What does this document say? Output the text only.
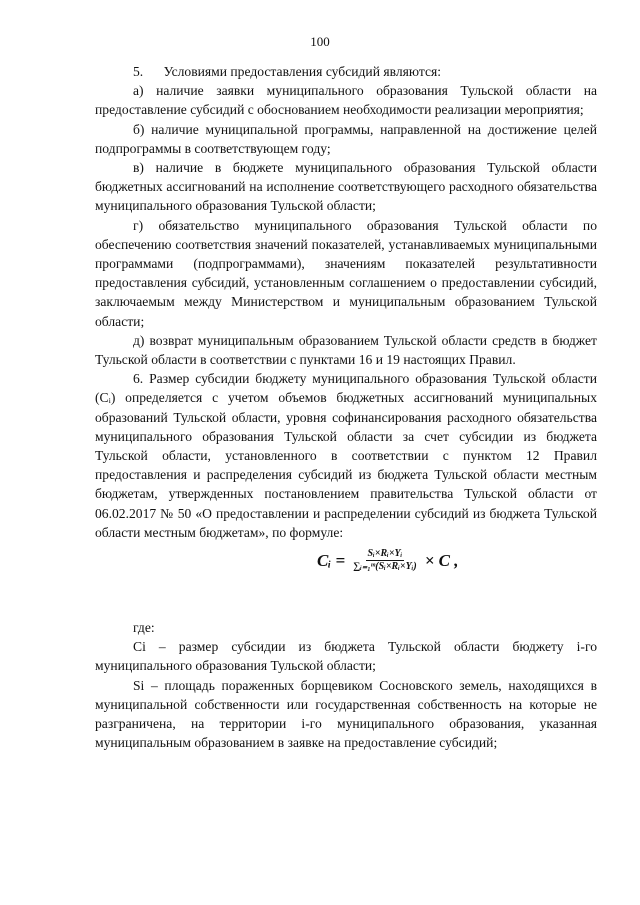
100

5.      Условиями предоставления субсидий являются:

а) наличие заявки муниципального образования Тульской области на предоставление субсидий с обоснованием необходимости реализации мероприятия;

б) наличие муниципальной программы, направленной на достижение целей подпрограммы в соответствующем году;

в) наличие в бюджете муниципального образования Тульской области бюджетных ассигнований на исполнение соответствующего расходного обязательства муниципального образования Тульской области;

г) обязательство муниципального образования Тульской области по обеспечению соответствия значений показателей, устанавливаемых муниципальными программами (подпрограммами), значениям показателей результативности предоставления субсидий, установленным соглашением о предоставлении субсидий, заключаемым между Министерством и муниципальным образованием Тульской области;

д) возврат муниципальным образованием Тульской области средств в бюджет Тульской области в соответствии с пунктами 16 и 19 настоящих Правил.

6. Размер субсидии бюджету муниципального образования Тульской области (Cᵢ) определяется с учетом объемов бюджетных ассигнований муниципальных образований Тульской области, уровня софинансирования расходного обязательства муниципального образования Тульской области за счет субсидии из бюджета Тульской области, установленного в соответствии с пунктом 12 Правил предоставления и распределения субсидий из бюджета Тульской области местным бюджетам, утвержденных постановлением правительства Тульской области от 06.02.2017 № 50 «О предоставлении и распределении субсидий из бюджета Тульской области местным бюджетам», по формуле:

Cᵢ = $\frac{\text{Sᵢ×Rᵢ×Yᵢ}}{\text{∑ᵢ₌₁ᵐ(Sᵢ×Rᵢ×Yᵢ)}} \times C$ ,

где:

Ci – размер субсидии из бюджета Тульской области бюджету i-го муниципального образования Тульской области;

Si – площадь пораженных борщевиком Сосновского земель, находящихся в муниципальной собственности или государственная собственность на которые не разграничена, на территории i-го муниципального образования, указанная муниципальным образованием в заявке на предоставление субсидий;
